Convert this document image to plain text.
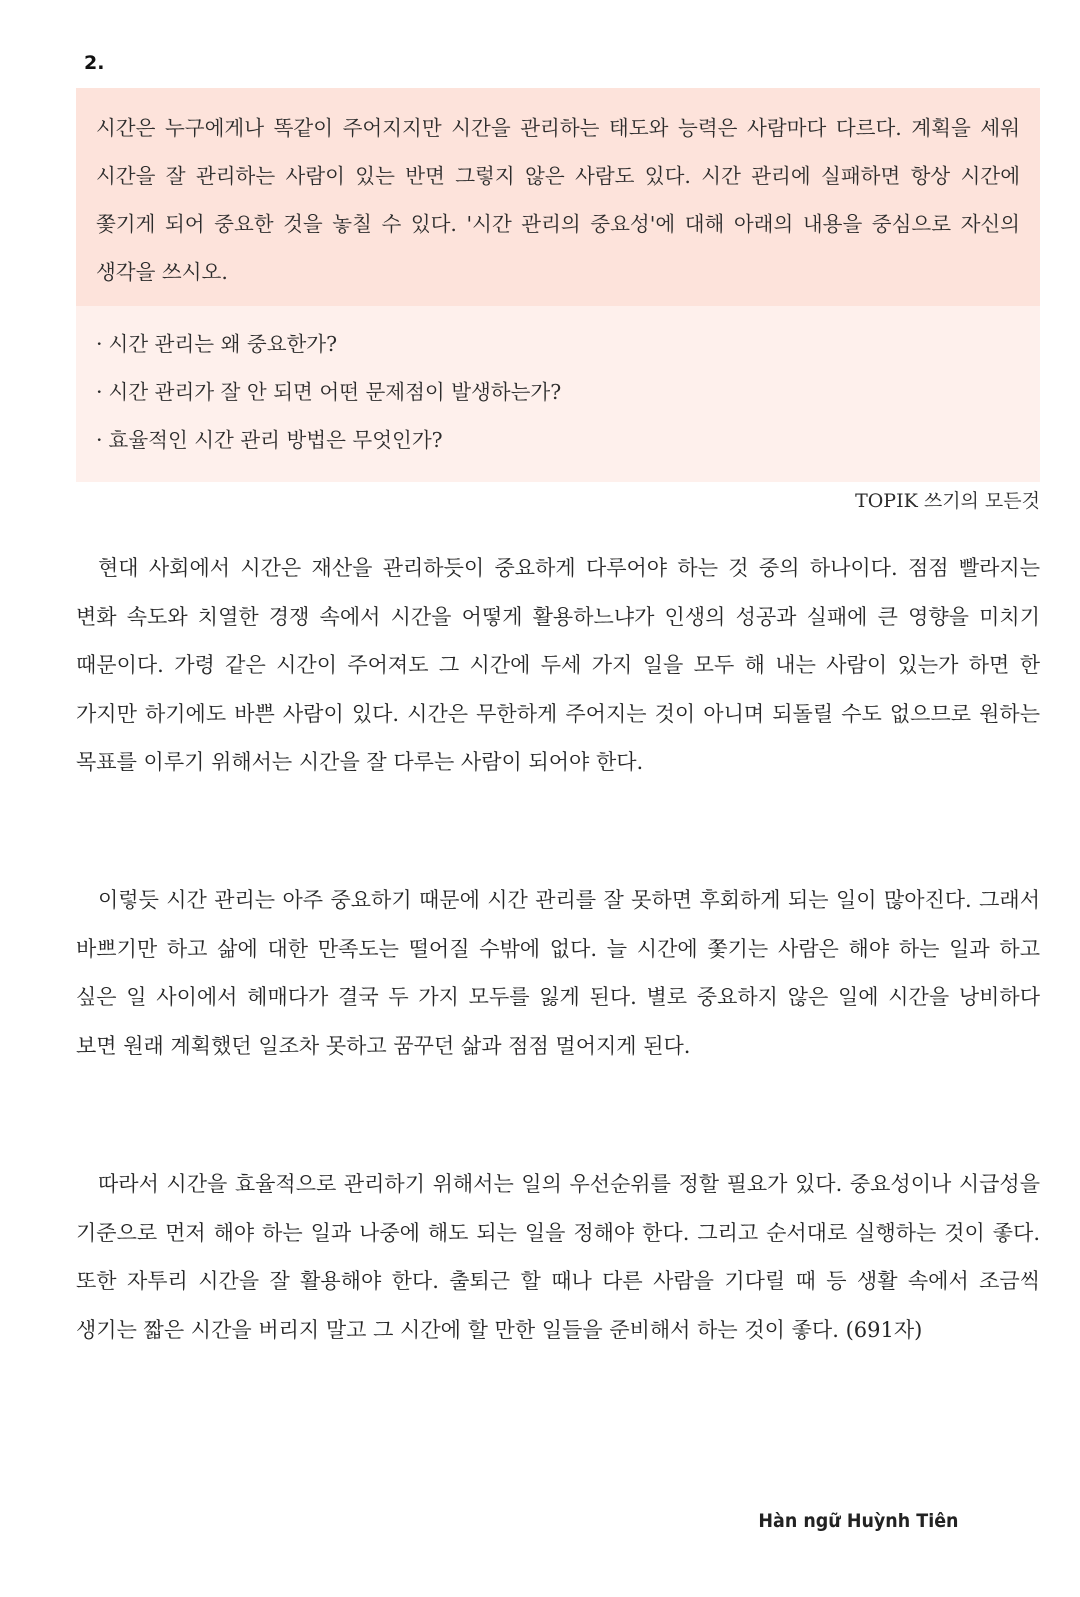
2.

시간은 누구에게나 똑같이 주어지지만 시간을 관리하는 태도와 능력은 사람마다 다르다. 계획을 세워 시간을 잘 관리하는 사람이 있는 반면 그렇지 않은 사람도 있다. 시간 관리에 실패하면 항상 시간에 쫓기게 되어 중요한 것을 놓칠 수 있다. '시간 관리의 중요성'에 대해 아래의 내용을 중심으로 자신의 생각을 쓰시오.

· 시간 관리는 왜 중요한가?
· 시간 관리가 잘 안 되면 어떤 문제점이 발생하는가?
· 효율적인 시간 관리 방법은 무엇인가?
TOPIK 쓰기의 모든것

현대 사회에서 시간은 재산을 관리하듯이 중요하게 다루어야 하는 것 중의 하나이다. 점점 빨라지는 변화 속도와 치열한 경쟁 속에서 시간을 어떻게 활용하느냐가 인생의 성공과 실패에 큰 영향을 미치기 때문이다. 가령 같은 시간이 주어져도 그 시간에 두세 가지 일을 모두 해 내는 사람이 있는가 하면 한 가지만 하기에도 바쁜 사람이 있다. 시간은 무한하게 주어지는 것이 아니며 되돌릴 수도 없으므로 원하는 목표를 이루기 위해서는 시간을 잘 다루는 사람이 되어야 한다.

이렇듯 시간 관리는 아주 중요하기 때문에 시간 관리를 잘 못하면 후회하게 되는 일이 많아진다. 그래서 바쁘기만 하고 삶에 대한 만족도는 떨어질 수밖에 없다. 늘 시간에 쫓기는 사람은 해야 하는 일과 하고 싶은 일 사이에서 헤매다가 결국 두 가지 모두를 잃게 된다. 별로 중요하지 않은 일에 시간을 낭비하다 보면 원래 계획했던 일조차 못하고 꿈꾸던 삶과 점점 멀어지게 된다.

따라서 시간을 효율적으로 관리하기 위해서는 일의 우선순위를 정할 필요가 있다. 중요성이나 시급성을 기준으로 먼저 해야 하는 일과 나중에 해도 되는 일을 정해야 한다. 그리고 순서대로 실행하는 것이 좋다. 또한 자투리 시간을 잘 활용해야 한다. 출퇴근 할 때나 다른 사람을 기다릴 때 등 생활 속에서 조금씩 생기는 짧은 시간을 버리지 말고 그 시간에 할 만한 일들을 준비해서 하는 것이 좋다. (691자)

Hàn ngữ Huỳnh Tiên
